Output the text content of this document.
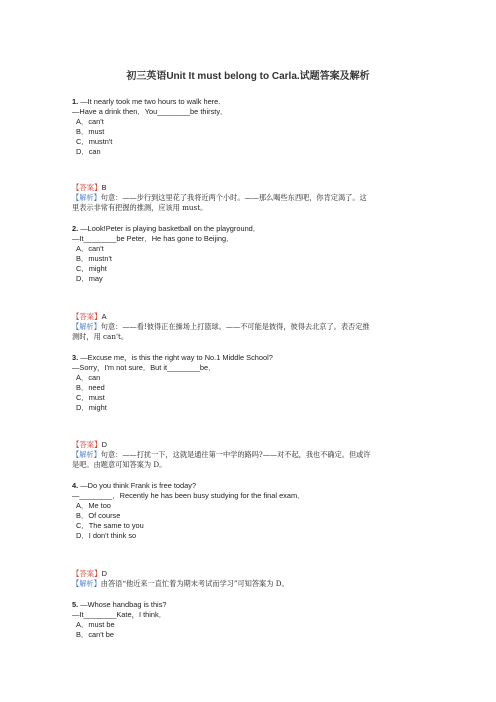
初三英语Unit It must belong to Carla.试题答案及解析
1. —It nearly took me two hours to walk here.
—Have a drink then．You________be thirsty．
A．can't
B．must
C．mustn't
D．can
【答案】B
【解析】句意：——步行到这里花了我将近两个小时。——那么喝些东西吧，你肯定渴了。这里表示非常有把握的推测，应该用 must。
2. —Look!Peter is playing basketball on the playground．
—It________be Peter．He has gone to Beijing．
A．can't
B．mustn't
C．might
D．may
【答案】A
【解析】句意：——看!彼得正在操场上打篮球。——不可能是彼得，彼得去北京了。表否定推测时，用 can't。
3. —Excuse me，is this the right way to No.1 Middle School?
—Sorry，I'm not sure．But it________be．
A．can
B．need
C．must
D．might
【答案】D
【解析】句意：——打扰一下，这就是通往第一中学的路吗?——对不起，我也不确定。但或许是吧。由题意可知答案为 D。
4. —Do you think Frank is free today?
—________．Recently he has been busy studying for the final exam．
A．Me too
B．Of course
C．The same to you
D．I don't think so
【答案】D
【解析】由答语“他近来一直忙着为期末考试而学习”可知答案为 D。
5. —Whose handbag is this?
—It________Kate，I think．
A．must be
B．can't be
